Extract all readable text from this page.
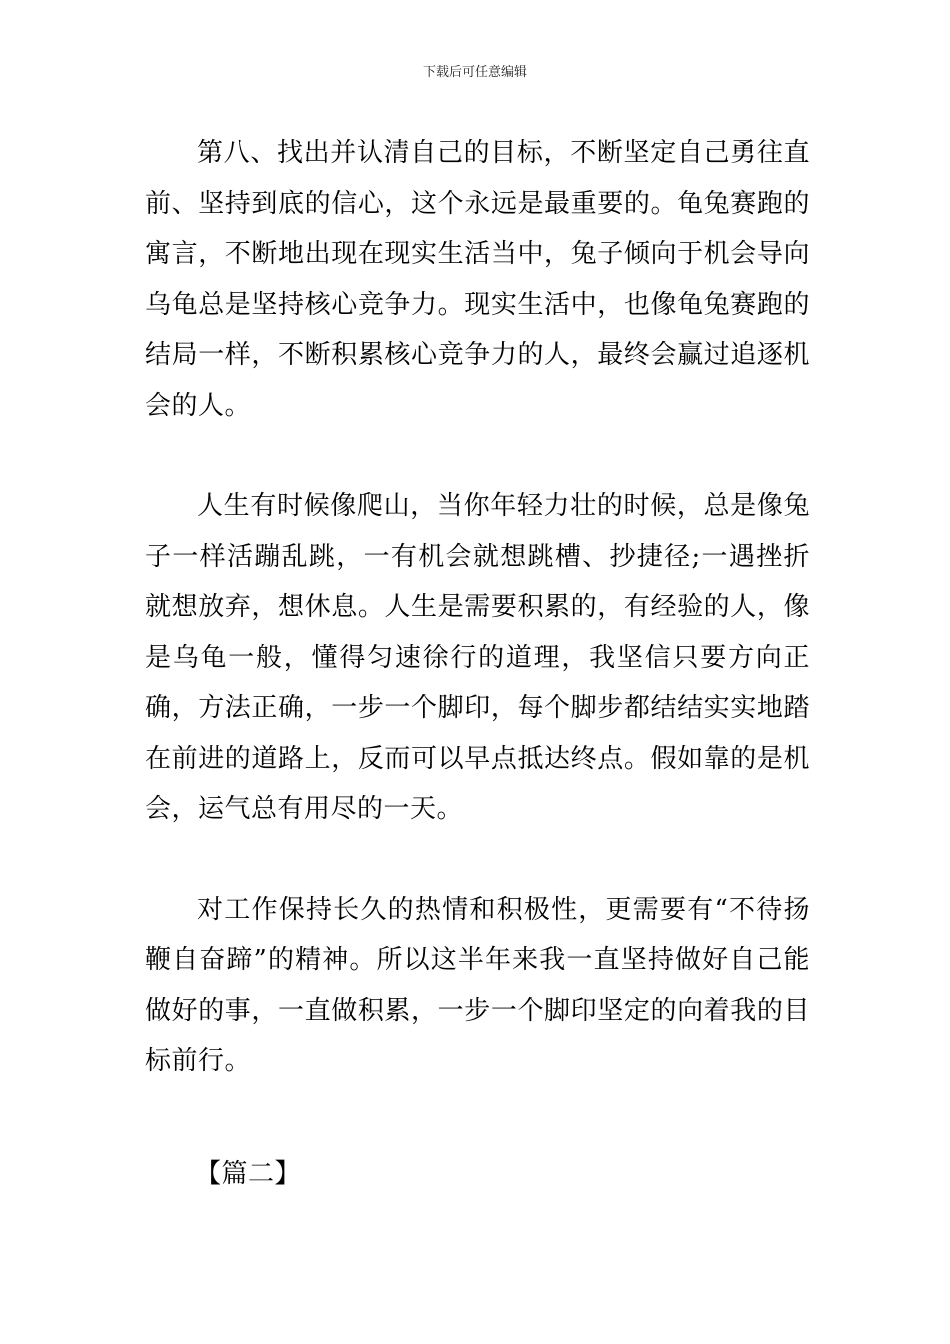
下载后可任意编辑

第八、找出并认清自己的目标，不断坚定自己勇往直前、坚持到底的信心，这个永远是最重要的。龟兔赛跑的寓言，不断地出现在现实生活当中，兔子倾向于机会导向乌龟总是坚持核心竞争力。现实生活中，也像龟兔赛跑的结局一样，不断积累核心竞争力的人，最终会赢过追逐机会的人。

人生有时候像爬山，当你年轻力壮的时候，总是像兔子一样活蹦乱跳，一有机会就想跳槽、抄捷径;一遇挫折就想放弃，想休息。人生是需要积累的，有经验的人，像是乌龟一般，懂得匀速徐行的道理，我坚信只要方向正确，方法正确，一步一个脚印，每个脚步都结结实实地踏在前进的道路上，反而可以早点抵达终点。假如靠的是机会，运气总有用尽的一天。

对工作保持长久的热情和积极性，更需要有“不待扬鞭自奋蹄”的精神。所以这半年来我一直坚持做好自己能做好的事，一直做积累，一步一个脚印坚定的向着我的目标前行。

【篇二】
